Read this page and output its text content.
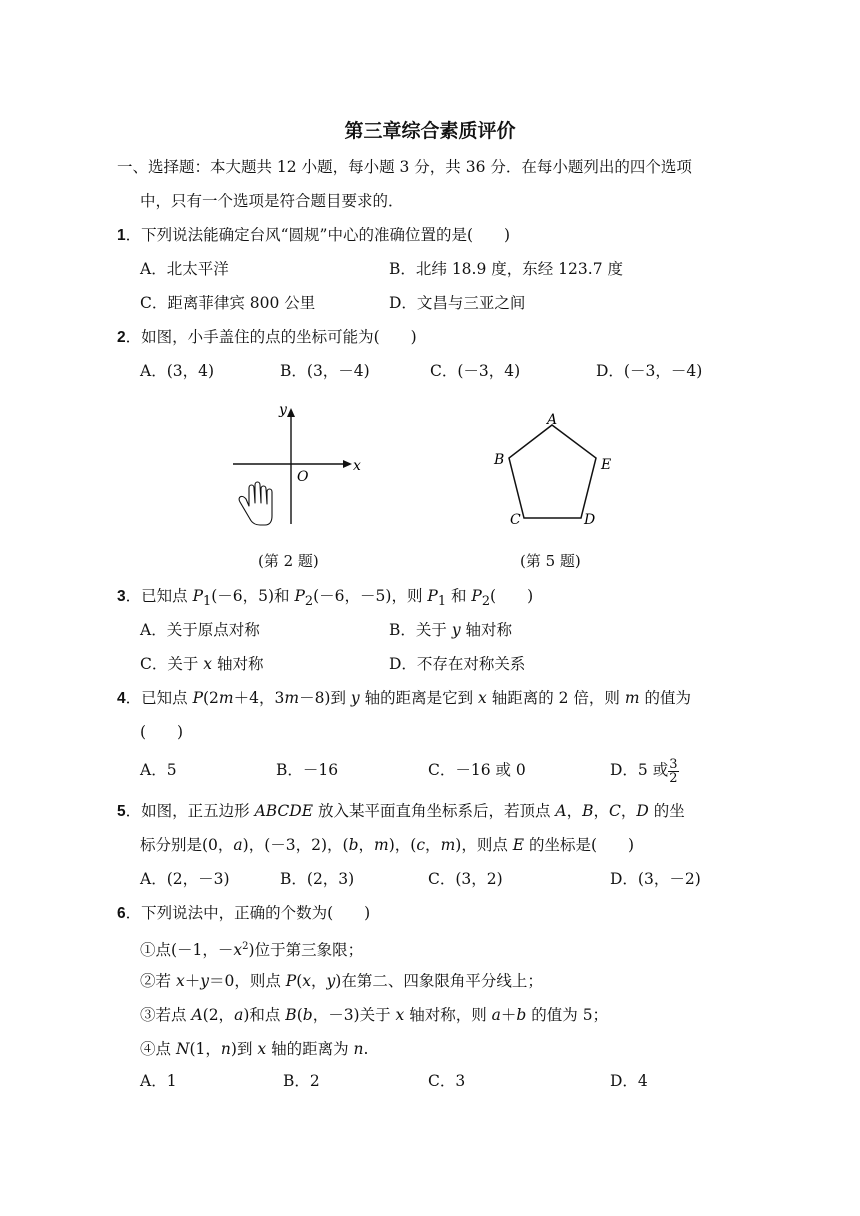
第三章综合素质评价
一、选择题：本大题共 12 小题，每小题 3 分，共 36 分．在每小题列出的四个选项
中，只有一个选项是符合题目要求的．
1．下列说法能确定台风“圆规”中心的准确位置的是(　　)
A．北太平洋	B．北纬 18.9 度，东经 123.7 度
C．距离菲律宾 800 公里	D．文昌与三亚之间
2．如图，小手盖住的点的坐标可能为(　　)
A．(3，4)	B．(3，－4)	C．(－3，4)	D．(－3，－4)
y
x
O
(第 2 题)
A
B
C	D
E
(第 5 题)
3．已知点 $P_1(-6$，5)和 $P_2(-6$，－5)，则 $P_1$ 和 $P_2$(　　)
A．关于原点对称	B．关于 y 轴对称
C．关于 x 轴对称	D．不存在对称关系
4．已知点 P(2m＋4，3m－8)到 y 轴的距离是它到 x 轴距离的 2 倍，则 m 的值为
(　　)
A．5	B．－16	C．－16 或 0	D．5 或 $\frac{3}{2}$
5．如图，正五边形 ABCDE 放入某平面直角坐标系后，若顶点 A，B，C，D 的坐
标分别是(0，a)，(－3，2)，(b，m)，(c，m)，则点 E 的坐标是(　　)
A．(2，－3)	B．(2，3)	C．(3，2)	D．(3，－2)
6．下列说法中，正确的个数为(　　)
①点(－1，$-x^2$)位于第三象限；
②若 x＋y＝0，则点 P(x，y)在第二、四象限角平分线上；
③若点 A(2，a)和点 B(b，－3)关于 x 轴对称，则 a＋b 的值为 5；
④点 N(1，n)到 x 轴的距离为 n.
A．1	B．2	C．3	D．4
